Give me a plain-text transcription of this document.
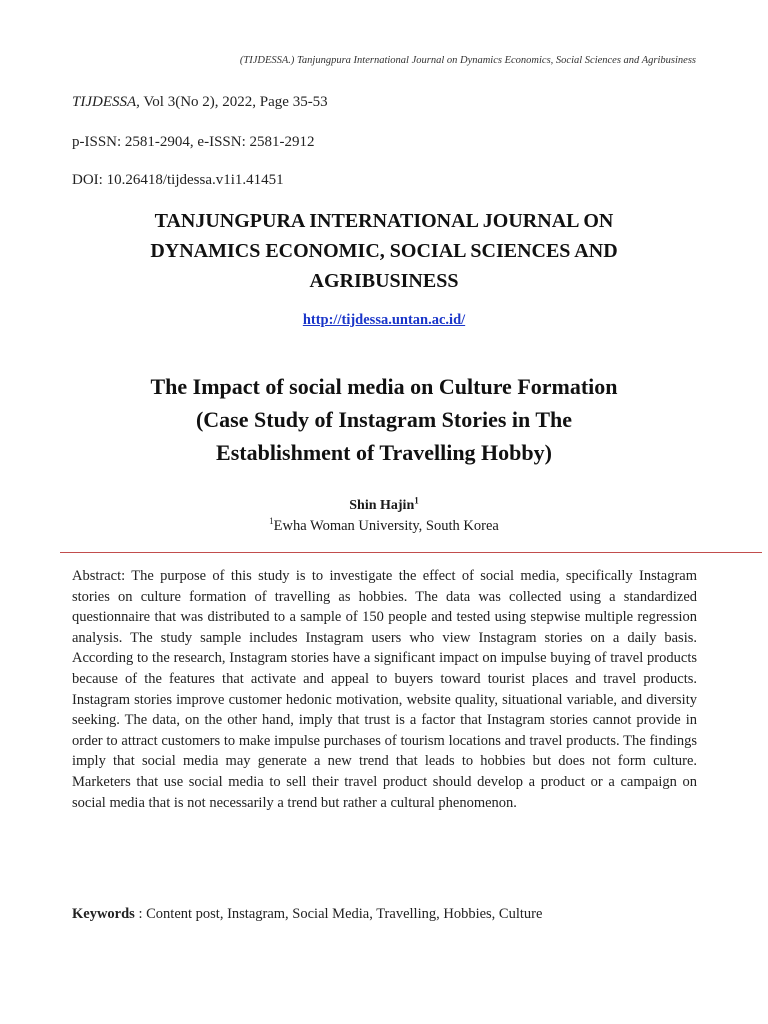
(TIJDESSA.) Tanjungpura International Journal on Dynamics Economics, Social Sciences and Agribusiness
TIJDESSA, Vol 3(No 2), 2022, Page 35-53
p-ISSN: 2581-2904, e-ISSN: 2581-2912
DOI: 10.26418/tijdessa.v1i1.41451
TANJUNGPURA INTERNATIONAL JOURNAL ON
DYNAMICS ECONOMIC, SOCIAL SCIENCES AND
AGRIBUSINESS
http://tijdessa.untan.ac.id/
The Impact of social media on Culture Formation
(Case Study of Instagram Stories in The
Establishment of Travelling Hobby)
Shin Hajin$^1$
$^1$Ewha Woman University, South Korea
Abstract: The purpose of this study is to investigate the effect of social media, specifically Instagram stories on culture formation of travelling as hobbies. The data was collected using a standardized questionnaire that was distributed to a sample of 150 people and tested using stepwise multiple regression analysis. The study sample includes Instagram users who view Instagram stories on a daily basis. According to the research, Instagram stories have a significant impact on impulse buying of travel products because of the features that activate and appeal to buyers toward tourist places and travel products. Instagram stories improve customer hedonic motivation, website quality, situational variable, and diversity seeking. The data, on the other hand, imply that trust is a factor that Instagram stories cannot provide in order to attract customers to make impulse purchases of tourism locations and travel products. The findings imply that social media may generate a new trend that leads to hobbies but does not form culture. Marketers that use social media to sell their travel product should develop a product or a campaign on social media that is not necessarily a trend but rather a cultural phenomenon.
Keywords : Content post, Instagram, Social Media, Travelling, Hobbies, Culture
